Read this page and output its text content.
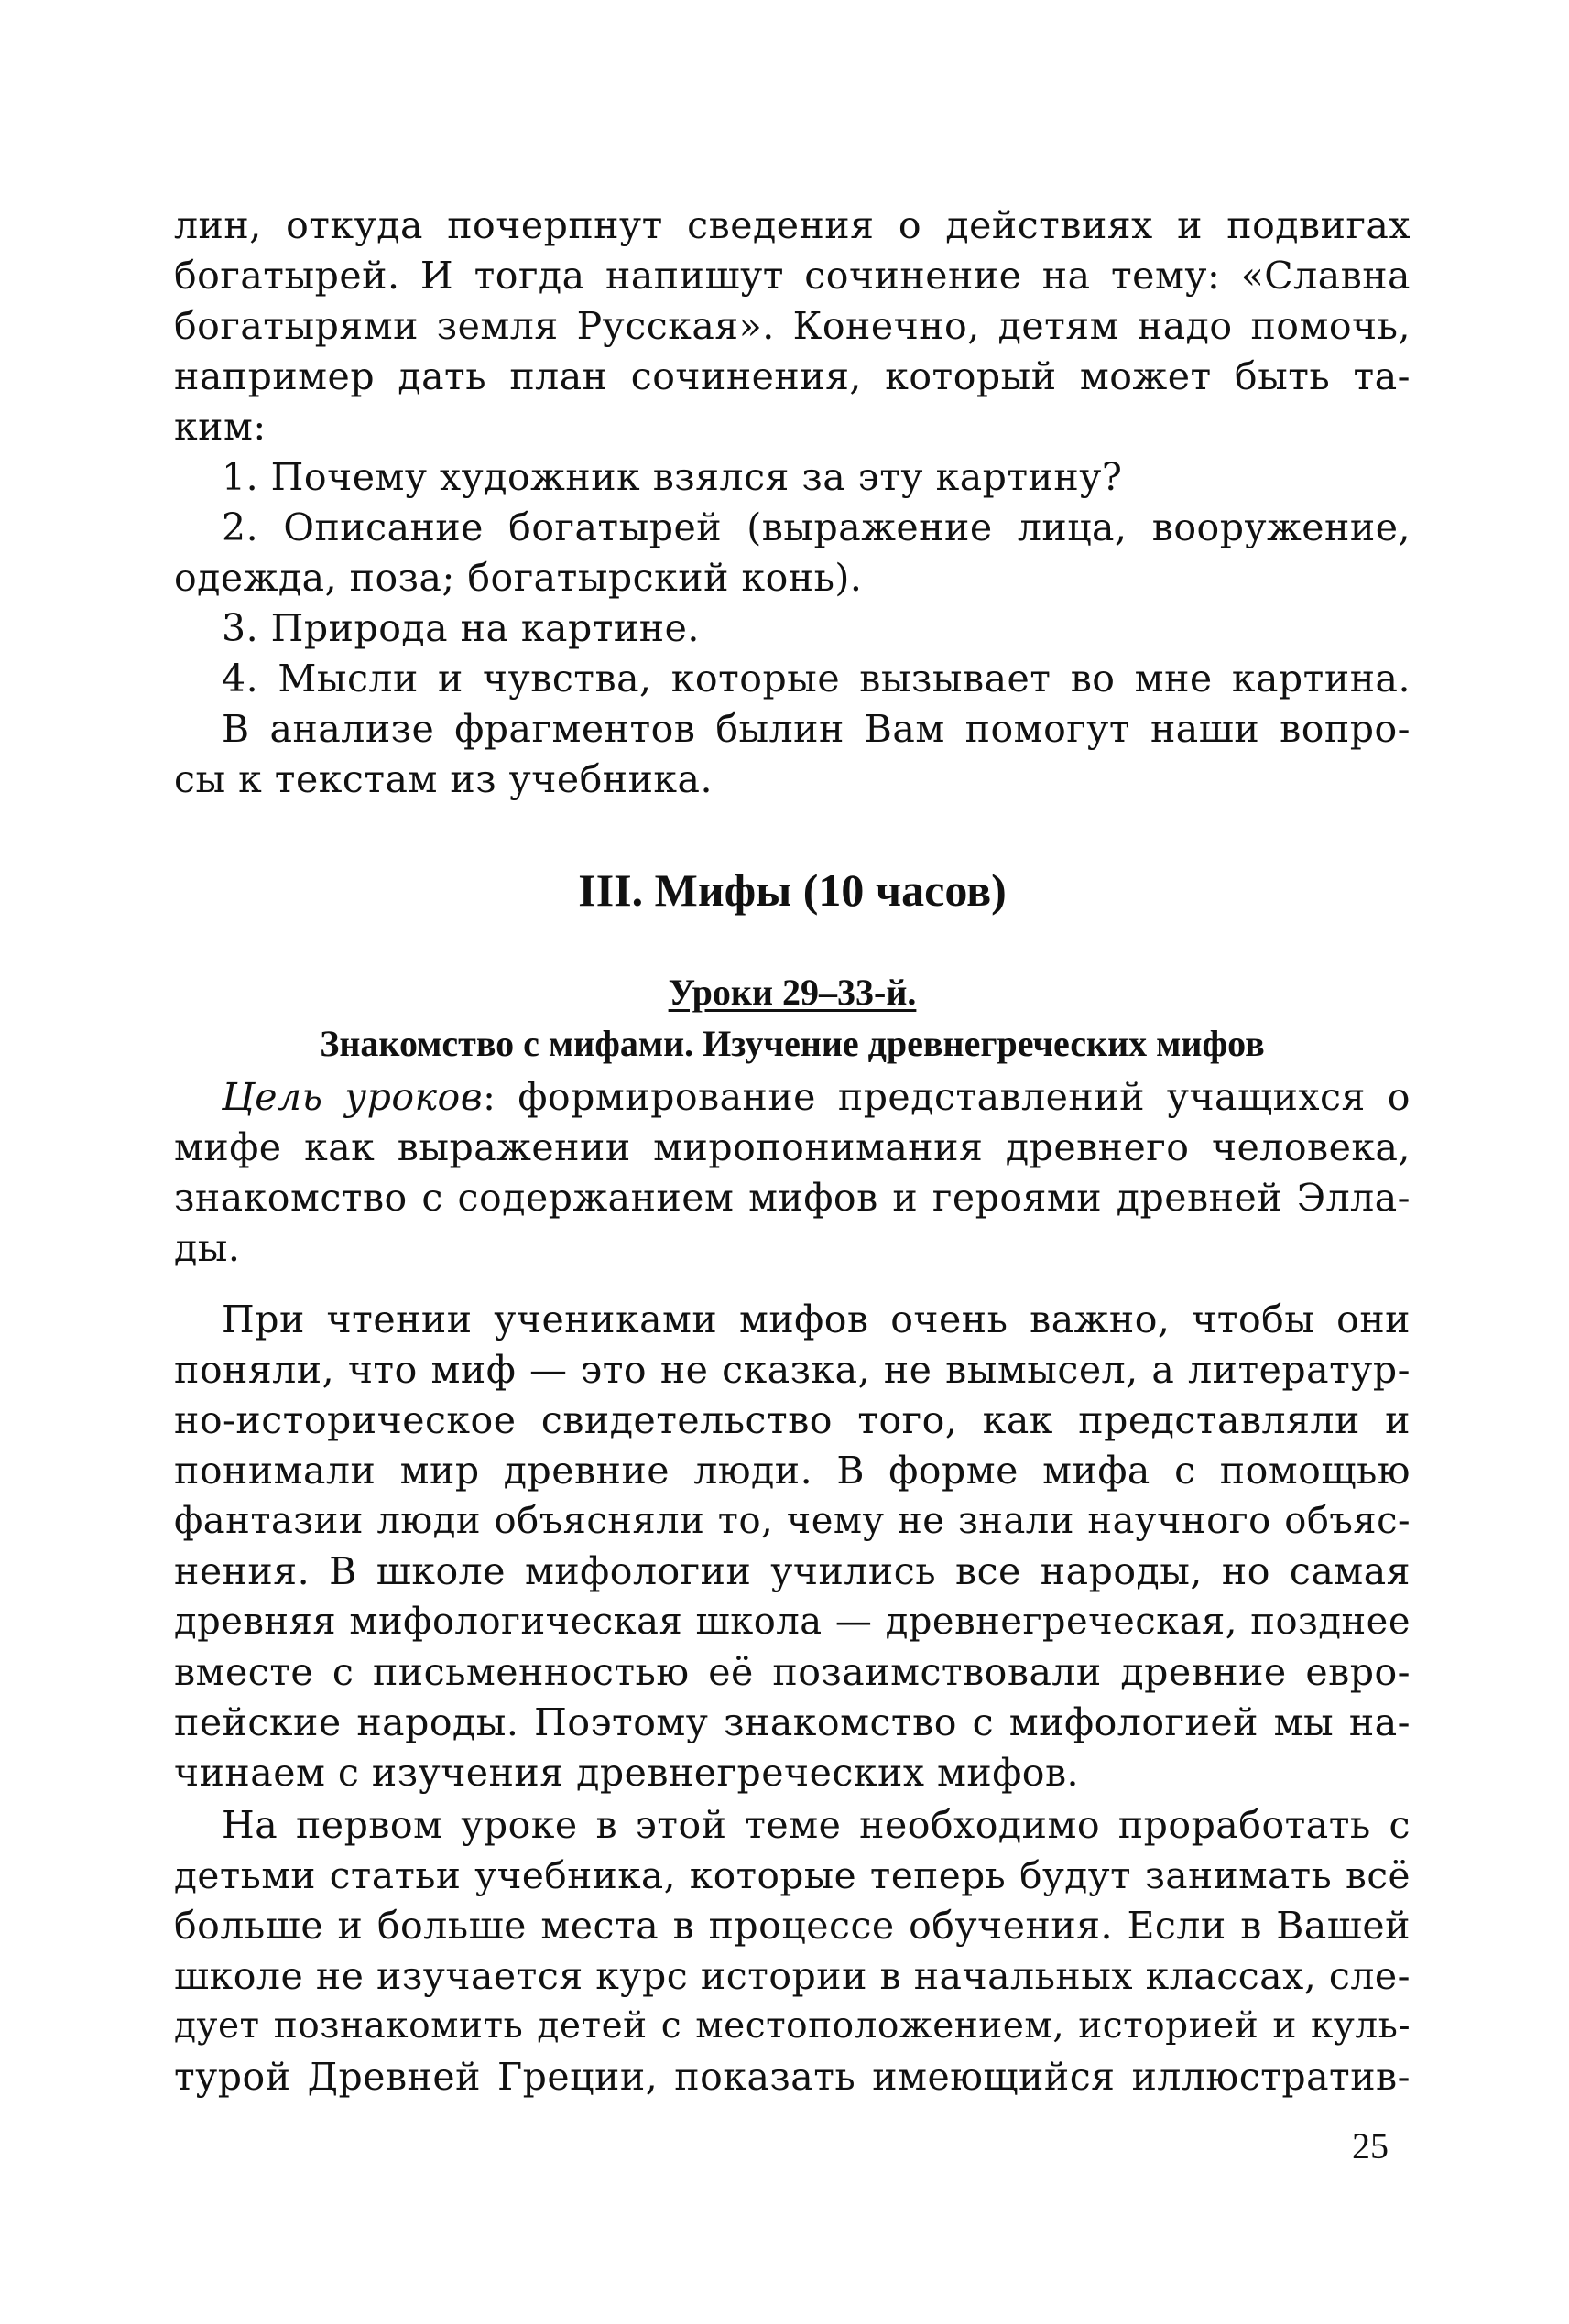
лин, откуда почерпнут сведения о действиях и подвигах
богатырей. И тогда напишут сочинение на тему: «Славна
богатырями земля Русская». Конечно, детям надо помочь,
например дать план сочинения, который может быть та-
ким:
1. Почему художник взялся за эту картину?
2. Описание богатырей (выражение лица, вооружение,
одежда, поза; богатырский конь).
3. Природа на картине.
4. Мысли и чувства, которые вызывает во мне картина.
В анализе фрагментов былин Вам помогут наши вопро-
сы к текстам из учебника.
III. Мифы (10 часов)
Уроки 29–33-й.
Знакомство с мифами. Изучение древнегреческих мифов
Цель уроков: формирование представлений учащихся о
мифе как выражении миропонимания древнего человека,
знакомство с содержанием мифов и героями древней Элла-
ды.
При чтении учениками мифов очень важно, чтобы они
поняли, что миф — это не сказка, не вымысел, а литератур-
но-историческое свидетельство того, как представляли и
понимали мир древние люди. В форме мифа с помощью
фантазии люди объясняли то, чему не знали научного объяс-
нения. В школе мифологии учились все народы, но самая
древняя мифологическая школа — древнегреческая, позднее
вместе с письменностью её позаимствовали древние евро-
пейские народы. Поэтому знакомство с мифологией мы на-
чинаем с изучения древнегреческих мифов.
На первом уроке в этой теме необходимо проработать с
детьми статьи учебника, которые теперь будут занимать всё
больше и больше места в процессе обучения. Если в Вашей
школе не изучается курс истории в начальных классах, сле-
дует познакомить детей с местоположением, историей и куль-
турой Древней Греции, показать имеющийся иллюстратив-
25
